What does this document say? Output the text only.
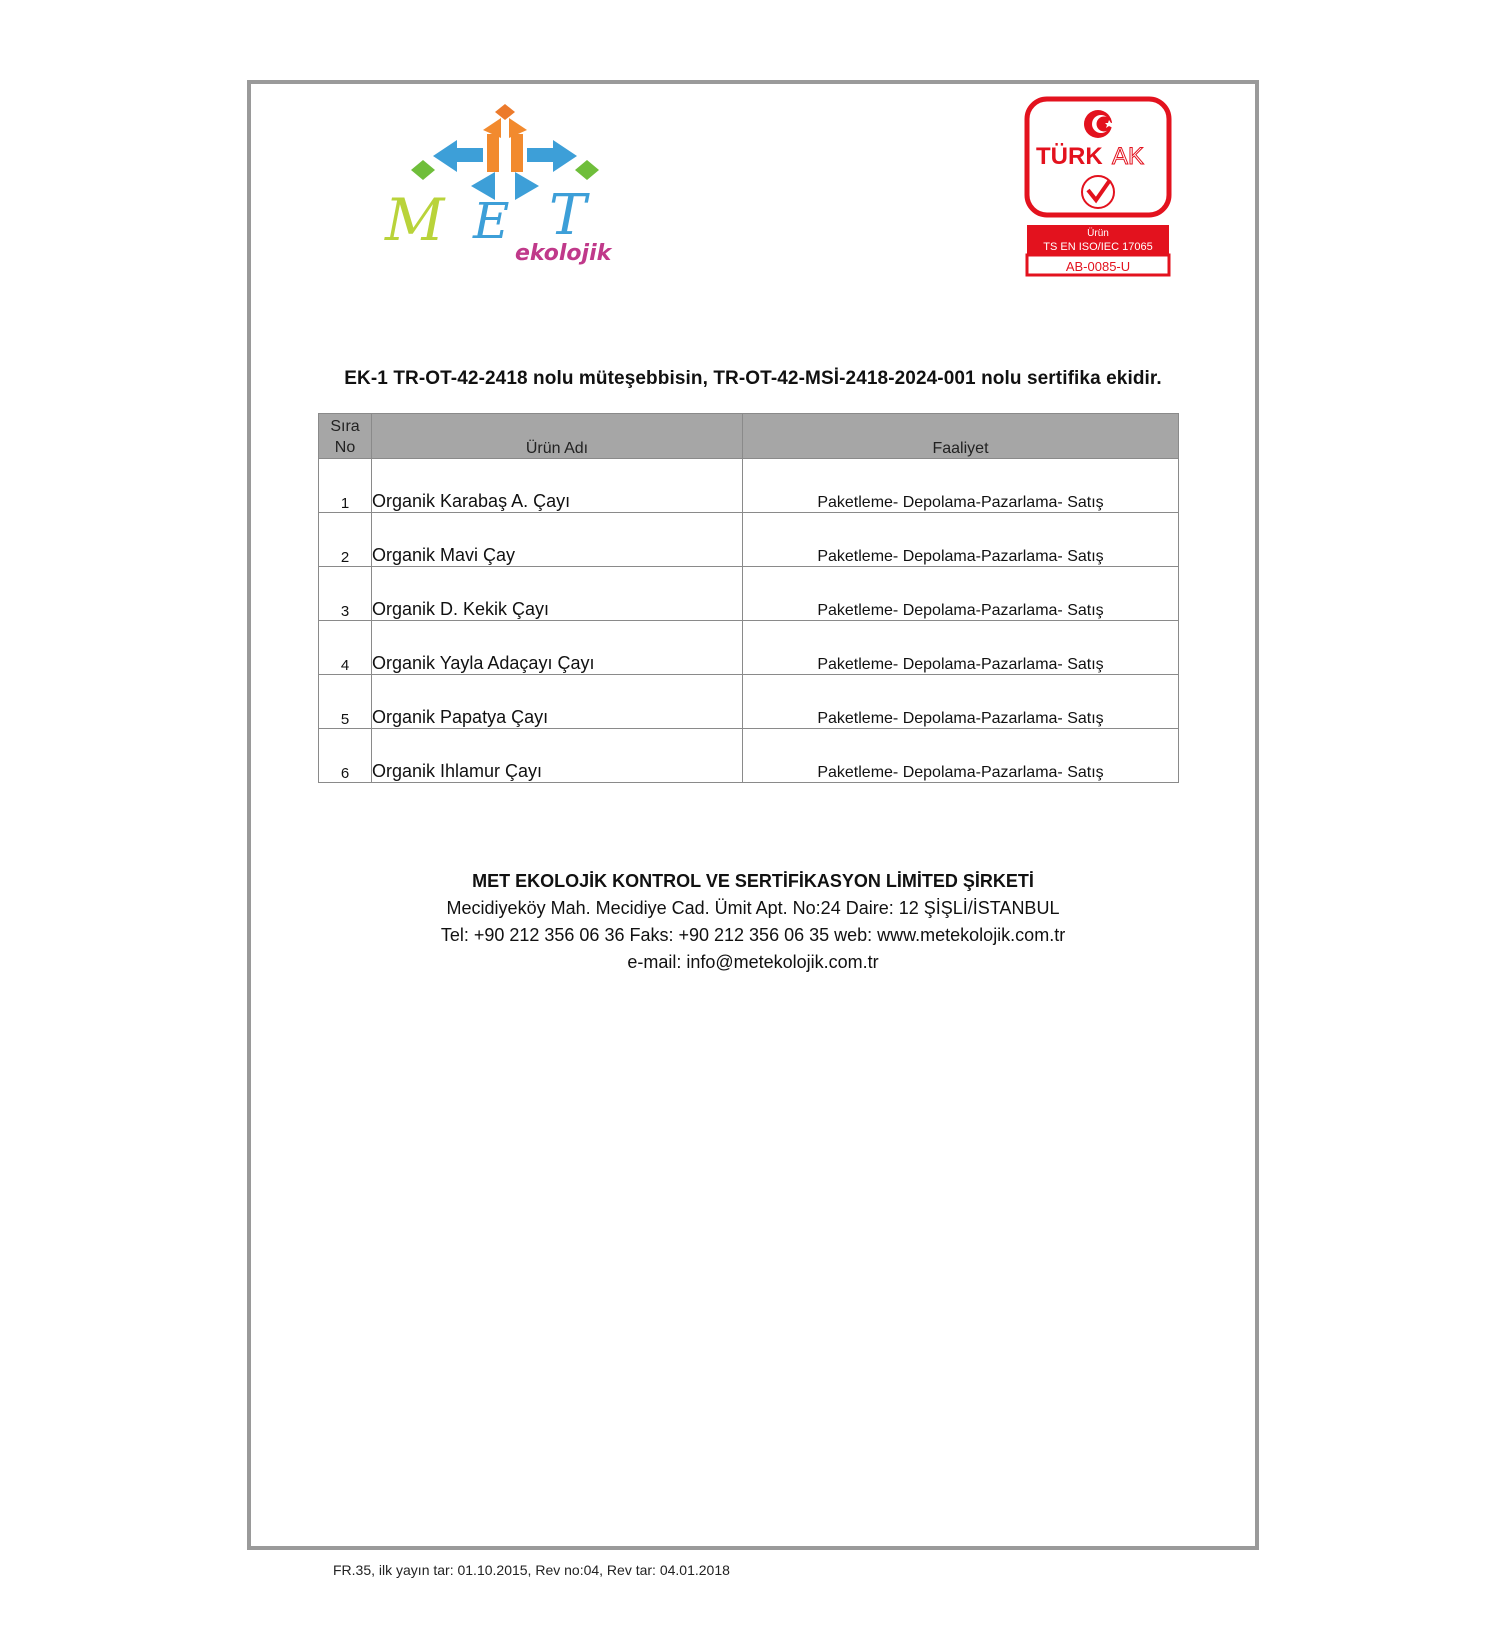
M E T
ekolojik
TÜRK AK
Ürün
TS EN ISO/IEC 17065
AB-0085-U
EK-1 TR-OT-42-2418 nolu müteşebbisin, TR-OT-42-MSİ-2418-2024-001 nolu sertifika ekidir.
Sıra
No	Ürün Adı	Faaliyet
1	Organik Karabaş A. Çayı	Paketleme- Depolama-Pazarlama- Satış
2	Organik Mavi Çay	Paketleme- Depolama-Pazarlama- Satış
3	Organik D. Kekik Çayı	Paketleme- Depolama-Pazarlama- Satış
4	Organik Yayla Adaçayı Çayı	Paketleme- Depolama-Pazarlama- Satış
5	Organik Papatya Çayı	Paketleme- Depolama-Pazarlama- Satış
6	Organik Ihlamur Çayı	Paketleme- Depolama-Pazarlama- Satış
MET EKOLOJİK KONTROL VE SERTİFİKASYON LİMİTED ŞİRKETİ
Mecidiyeköy Mah. Mecidiye Cad. Ümit Apt. No:24 Daire: 12 ŞİŞLİ/İSTANBUL
Tel: +90 212 356 06 36 Faks: +90 212 356 06 35 web: www.metekolojik.com.tr
e-mail: info@metekolojik.com.tr
FR.35, ilk yayın tar: 01.10.2015, Rev no:04, Rev tar: 04.01.2018
